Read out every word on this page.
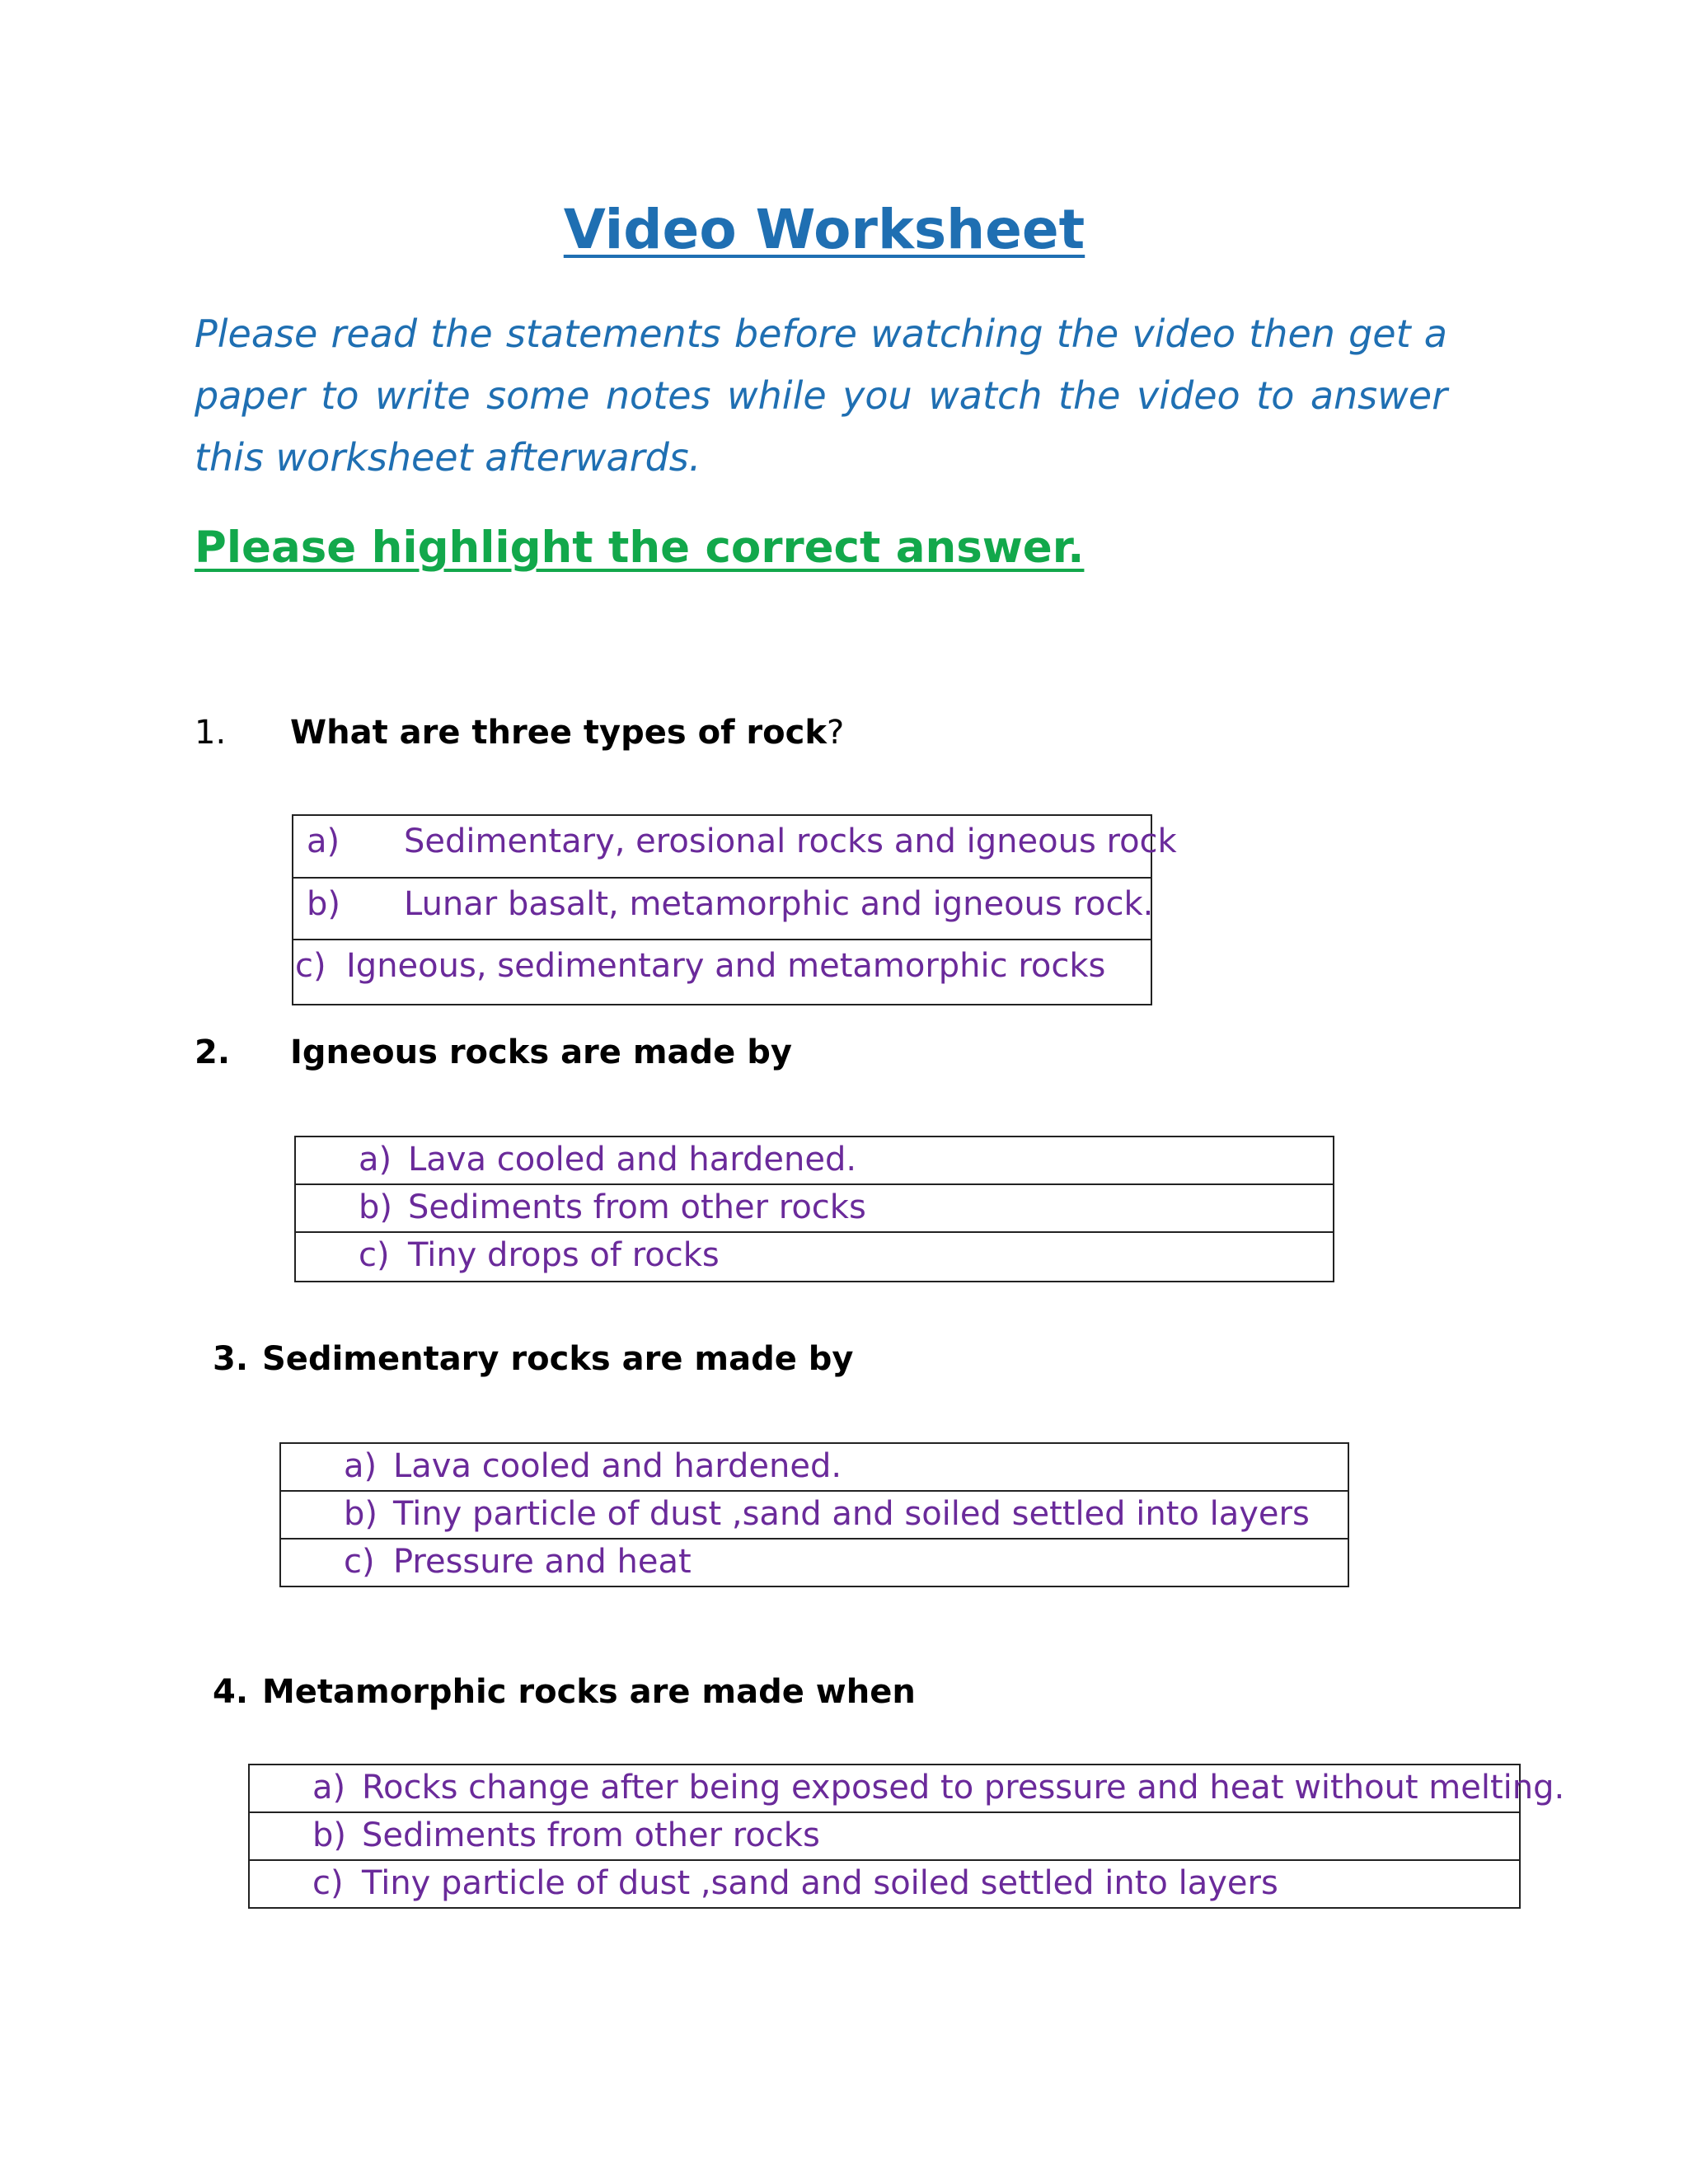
Video Worksheet
Please read the statements before watching the video then get a paper to write some notes while you watch the video to answer this worksheet afterwards.
Please highlight the correct answer.
1. What are three types of rock?
a) Sedimentary, erosional rocks and igneous rock
b) Lunar basalt, metamorphic and igneous rock.
c) Igneous, sedimentary and metamorphic rocks
2. Igneous rocks are made by
a) Lava cooled and hardened.
b) Sediments from other rocks
c) Tiny drops of rocks
3. Sedimentary rocks are made by
a) Lava cooled and hardened.
b) Tiny particle of dust ,sand and soiled settled into layers
c) Pressure and heat
4. Metamorphic rocks are made when
a) Rocks change after being exposed to pressure and heat without melting.
b) Sediments from other rocks
c) Tiny particle of dust ,sand and soiled settled into layers
